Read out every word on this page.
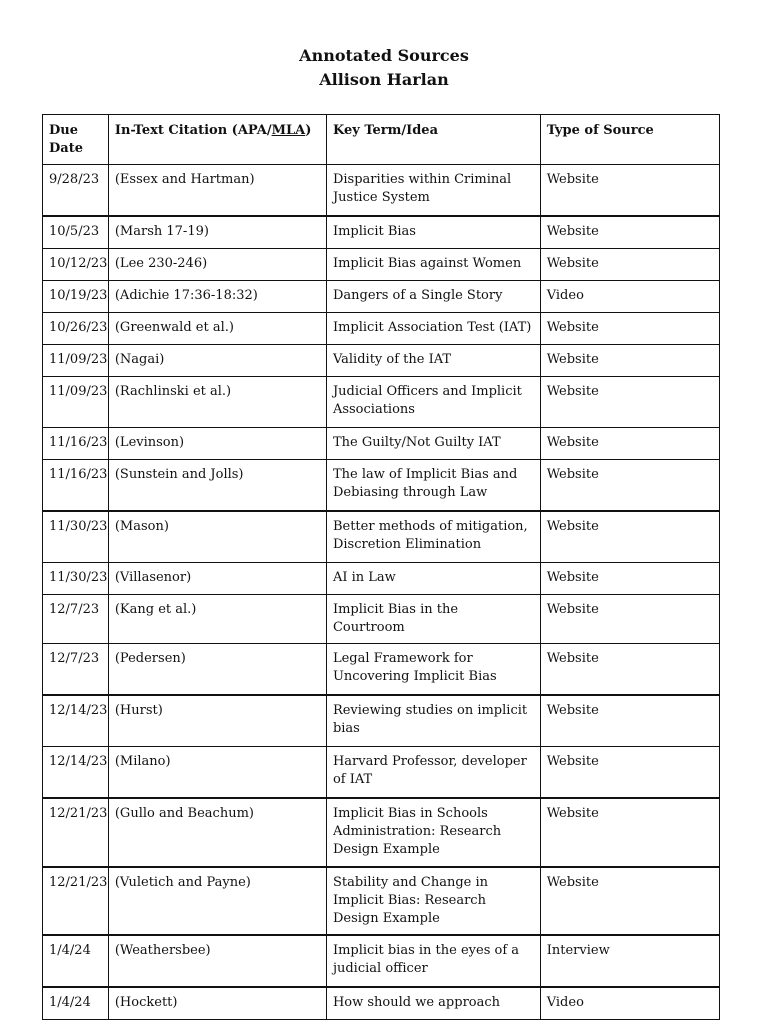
Annotated Sources
Allison Harlan
Due Date	In-Text Citation (APA/MLA)	Key Term/Idea	Type of Source
9/28/23	(Essex and Hartman)	Disparities within Criminal Justice System	Website
10/5/23	(Marsh 17-19)	Implicit Bias	Website
10/12/23	(Lee 230-246)	Implicit Bias against Women	Website
10/19/23	(Adichie 17:36-18:32)	Dangers of a Single Story	Video
10/26/23	(Greenwald et al.)	Implicit Association Test (IAT)	Website
11/09/23	(Nagai)	Validity of the IAT	Website
11/09/23	(Rachlinski et al.)	Judicial Officers and Implicit Associations	Website
11/16/23	(Levinson)	The Guilty/Not Guilty IAT	Website
11/16/23	(Sunstein and Jolls)	The law of Implicit Bias and Debiasing through Law	Website
11/30/23	(Mason)	Better methods of mitigation, Discretion Elimination	Website
11/30/23	(Villasenor)	AI in Law	Website
12/7/23	(Kang et al.)	Implicit Bias in the Courtroom	Website
12/7/23	(Pedersen)	Legal Framework for Uncovering Implicit Bias	Website
12/14/23	(Hurst)	Reviewing studies on implicit bias	Website
12/14/23	(Milano)	Harvard Professor, developer of IAT	Website
12/21/23	(Gullo and Beachum)	Implicit Bias in Schools Administration: Research Design Example	Website
12/21/23	(Vuletich and Payne)	Stability and Change in Implicit Bias: Research Design Example	Website
1/4/24	(Weathersbee)	Implicit bias in the eyes of a judicial officer	Interview
1/4/24	(Hockett)	How should we approach	Video
